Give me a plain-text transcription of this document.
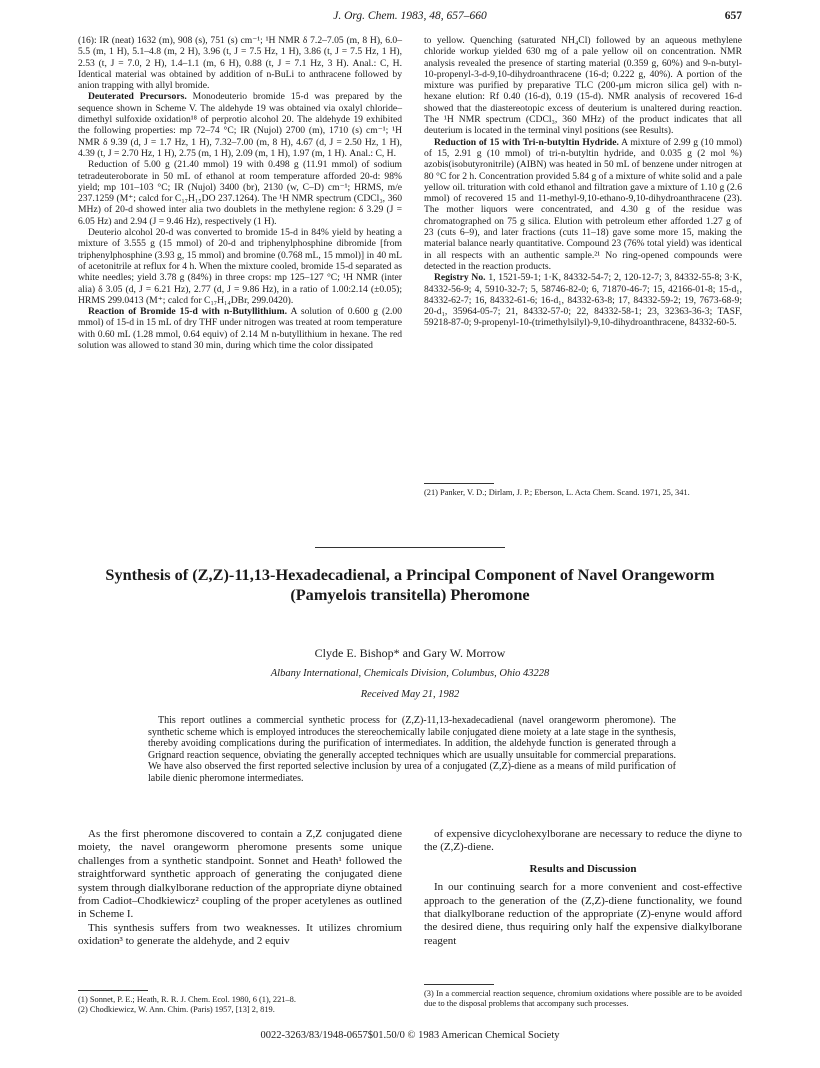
J. Org. Chem. 1983, 48, 657–660	657

(16): IR (neat) 1632 (m), 908 (s), 751 (s) cm⁻¹; ¹H NMR δ 7.2–7.05 (m, 8 H), 6.0–5.5 (m, 1 H), 5.1–4.8 (m, 2 H), 3.96 (t, J = 7.5 Hz, 1 H), 3.86 (t, J = 7.5 Hz, 1 H), 2.53 (t, J = 7.0, 2 H), 1.4–1.1 (m, 6 H), 0.88 (t, J = 7.1 Hz, 3 H). Anal.: C, H. Identical material was obtained by addition of n-BuLi to anthracene followed by anion trapping with allyl bromide.

Deuterated Precursors. Monodeuterio bromide 15-d was prepared by the sequence shown in Scheme V. The aldehyde 19 was obtained via oxalyl chloride–dimethyl sulfoxide oxidation¹⁸ of perprotio alcohol 20. The aldehyde 19 exhibited the following properties: mp 72–74 °C; IR (Nujol) 2700 (m), 1710 (s) cm⁻¹; ¹H NMR δ 9.39 (d, J = 1.7 Hz, 1 H), 7.32–7.00 (m, 8 H), 4.67 (d, J = 2.50 Hz, 1 H), 4.39 (t, J = 2.70 Hz, 1 H), 2.75 (m, 1 H), 2.09 (m, 1 H), 1.97 (m, 1 H). Anal.: C, H.

Reduction of 5.00 g (21.40 mmol) 19 with 0.498 g (11.91 mmol) of sodium tetradeuteroborate in 50 mL of ethanol at room temperature afforded 20-d: 98% yield; mp 101–103 °C; IR (Nujol) 3400 (br), 2130 (w, C–D) cm⁻¹; HRMS, m/e 237.1259 (M⁺; calcd for C₁₇H₁₅DO 237.1264). The ¹H NMR spectrum (CDCl₃, 360 MHz) of 20-d showed inter alia two doublets in the methylene region: δ 3.29 (J = 6.05 Hz) and 2.94 (J = 9.46 Hz), respectively (1 H).

Deuterio alcohol 20-d was converted to bromide 15-d in 84% yield by heating a mixture of 3.555 g (15 mmol) of 20-d and triphenylphosphine dibromide [from triphenylphosphine (3.93 g, 15 mmol) and bromine (0.768 mL, 15 mmol)] in 40 mL of acetonitrile at reflux for 4 h. When the mixture cooled, bromide 15-d separated as white needles; yield 3.78 g (84%) in three crops: mp 125–127 °C; ¹H NMR (inter alia) δ 3.05 (d, J = 6.21 Hz), 2.77 (d, J = 9.86 Hz), in a ratio of 1.00:2.14 (±0.05); HRMS 299.0413 (M⁺; calcd for C₁₇H₁₄DBr, 299.0420).

Reaction of Bromide 15-d with n-Butyllithium. A solution of 0.600 g (2.00 mmol) of 15-d in 15 mL of dry THF under nitrogen was treated at room temperature with 0.60 mL (1.28 mmol, 0.64 equiv) of 2.14 M n-butyllithium in hexane. The red solution was allowed to stand 30 min, during which time the color dissipated

to yellow. Quenching (saturated NH₄Cl) followed by an aqueous methylene chloride workup yielded 630 mg of a pale yellow oil on concentration. NMR analysis revealed the presence of starting material (0.359 g, 60%) and 9-n-butyl-10-propenyl-3-d-9,10-dihydroanthracene (16-d; 0.222 g, 40%). A portion of the mixture was purified by preparative TLC (200-μm micron silica gel) with n-hexane elution: Rf 0.40 (16-d), 0.19 (15-d). NMR analysis of recovered 16-d showed that the diastereotopic excess of deuterium is unaltered during reaction. The ¹H NMR spectrum (CDCl₃, 360 MHz) of the product indicates that all deuterium is located in the terminal vinyl positions (see Results).

Reduction of 15 with Tri-n-butyltin Hydride. A mixture of 2.99 g (10 mmol) of 15, 2.91 g (10 mmol) of tri-n-butyltin hydride, and 0.035 g (2 mol %) azobis(isobutyronitrile) (AIBN) was heated in 50 mL of benzene under nitrogen at 80 °C for 2 h. Concentration provided 5.84 g of a mixture of white solid and a pale yellow oil. trituration with cold ethanol and filtration gave a mixture of 1.10 g (2.6 mmol) of recovered 15 and 11-methyl-9,10-ethano-9,10-dihydroanthracene (23). The mother liquors were concentrated, and 4.30 g of the residue was chromatographed on 75 g silica. Elution with petroleum ether afforded 1.27 g of 23 (cuts 6–9), and later fractions (cuts 11–18) gave some more 15, making the material balance nearly quantitative. Compound 23 (76% total yield) was identical in all respects with an authentic sample.²¹ No ring-opened compounds were detected in the reaction products.

Registry No. 1, 1521-59-1; 1·K, 84332-54-7; 2, 120-12-7; 3, 84332-55-8; 3·K, 84332-56-9; 4, 5910-32-7; 5, 58746-82-0; 6, 71870-46-7; 15, 42166-01-8; 15-d₁, 84332-62-7; 16, 84332-61-6; 16-d₁, 84332-63-8; 17, 84332-59-2; 19, 7673-68-9; 20-d₁, 35964-05-7; 21, 84332-57-0; 22, 84332-58-1; 23, 32363-36-3; TASF, 59218-87-0; 9-propenyl-10-(trimethylsilyl)-9,10-dihydroanthracene, 84332-60-5.

(21) Panker, V. D.; Dirlam, J. P.; Eberson, L. Acta Chem. Scand. 1971, 25, 341.
Synthesis of (Z,Z)-11,13-Hexadecadienal, a Principal Component of Navel Orangeworm (Pamyelois transitella) Pheromone
Clyde E. Bishop* and Gary W. Morrow
Albany International, Chemicals Division, Columbus, Ohio 43228
Received May 21, 1982
This report outlines a commercial synthetic process for (Z,Z)-11,13-hexadecadienal (navel orangeworm pheromone). The synthetic scheme which is employed introduces the stereochemically labile conjugated diene moiety at a late stage in the synthesis, thereby avoiding complications during the purification of intermediates. In addition, the aldehyde function is generated through a Grignard reaction sequence, obviating the generally accepted techniques which are usually unsuitable for commercial preparations. We have also observed the first reported selective inclusion by urea of a conjugated (Z,Z)-diene as a means of mild purification of labile dienic pheromone intermediates.

As the first pheromone discovered to contain a Z,Z conjugated diene moiety, the navel orangeworm pheromone presents some unique challenges from a synthetic standpoint. Sonnet and Heath¹ followed the straightforward synthetic approach of generating the conjugated diene system through dialkylborane reduction of the appropriate diyne obtained from Cadiot–Chodkiewicz² coupling of the proper acetylenes as outlined in Scheme I.

This synthesis suffers from two weaknesses. It utilizes chromium oxidation³ to generate the aldehyde, and 2 equiv

of expensive dicyclohexylborane are necessary to reduce the diyne to the (Z,Z)-diene.

Results and Discussion

In our continuing search for a more convenient and cost-effective approach to the generation of the (Z,Z)-diene functionality, we found that dialkylborane reduction of the appropriate (Z)-enyne would afford the desired diene, thus requiring only half the expensive dialkylborane reagent

(1) Sonnet, P. E.; Heath, R. R. J. Chem. Ecol. 1980, 6 (1), 221–8.
(2) Chodkiewicz, W. Ann. Chim. (Paris) 1957, [13] 2, 819.
(3) In a commercial reaction sequence, chromium oxidations where possible are to be avoided due to the disposal problems that accompany such processes.
0022-3263/83/1948-0657$01.50/0 © 1983 American Chemical Society
